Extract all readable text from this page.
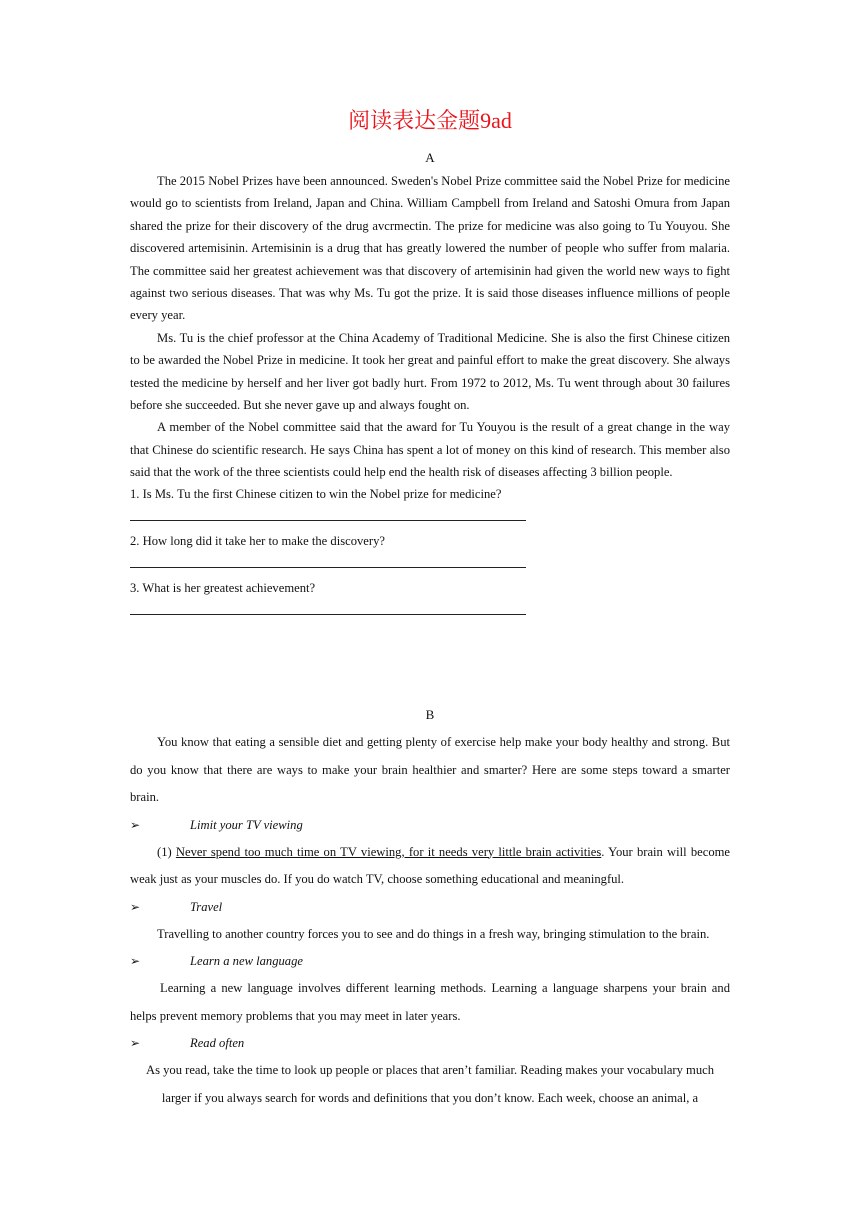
阅读表达金题9ad
A

The 2015 Nobel Prizes have been announced. Sweden's Nobel Prize committee said the Nobel Prize for medicine would go to scientists from Ireland, Japan and China. William Campbell from Ireland and Satoshi Omura from Japan shared the prize for their discovery of the drug avcrmectin. The prize for medicine was also going to Tu Youyou. She discovered artemisinin. Artemisinin is a drug that has greatly lowered the number of people who suffer from malaria. The committee said her greatest achievement was that discovery of artemisinin had given the world new ways to fight against two serious diseases. That was why Ms. Tu got the prize. It is said those diseases influence millions of people every year.

Ms. Tu is the chief professor at the China Academy of Traditional Medicine. She is also the first Chinese citizen to be awarded the Nobel Prize in medicine. It took her great and painful effort to make the great discovery. She always tested the medicine by herself and her liver got badly hurt. From 1972 to 2012, Ms. Tu went through about 30 failures before she succeeded. But she never gave up and always fought on.

A member of the Nobel committee said that the award for Tu Youyou is the result of a great change in the way that Chinese do scientific research. He says China has spent a lot of money on this kind of research. This member also said that the work of the three scientists could help end the health risk of diseases affecting 3 billion people.

1. Is Ms. Tu the first Chinese citizen to win the Nobel prize for medicine?

2. How long did it take her to make the discovery?

3. What is her greatest achievement?

B

You know that eating a sensible diet and getting plenty of exercise help make your body healthy and strong. But do you know that there are ways to make your brain healthier and smarter? Here are some steps toward a smarter brain.

➢	Limit your TV viewing

(1) Never spend too much time on TV viewing, for it needs very little brain activities. Your brain will become weak just as your muscles do. If you do watch TV, choose something educational and meaningful.

➢	Travel

Travelling to another country forces you to see and do things in a fresh way, bringing stimulation to the brain.

➢	Learn a new language

Learning a new language involves different learning methods. Learning a language sharpens your brain and helps prevent memory problems that you may meet in later years.

➢	Read often

As you read, take the time to look up people or places that aren’t familiar. Reading makes your vocabulary much larger if you always search for words and definitions that you don’t know. Each week, choose an animal, a
